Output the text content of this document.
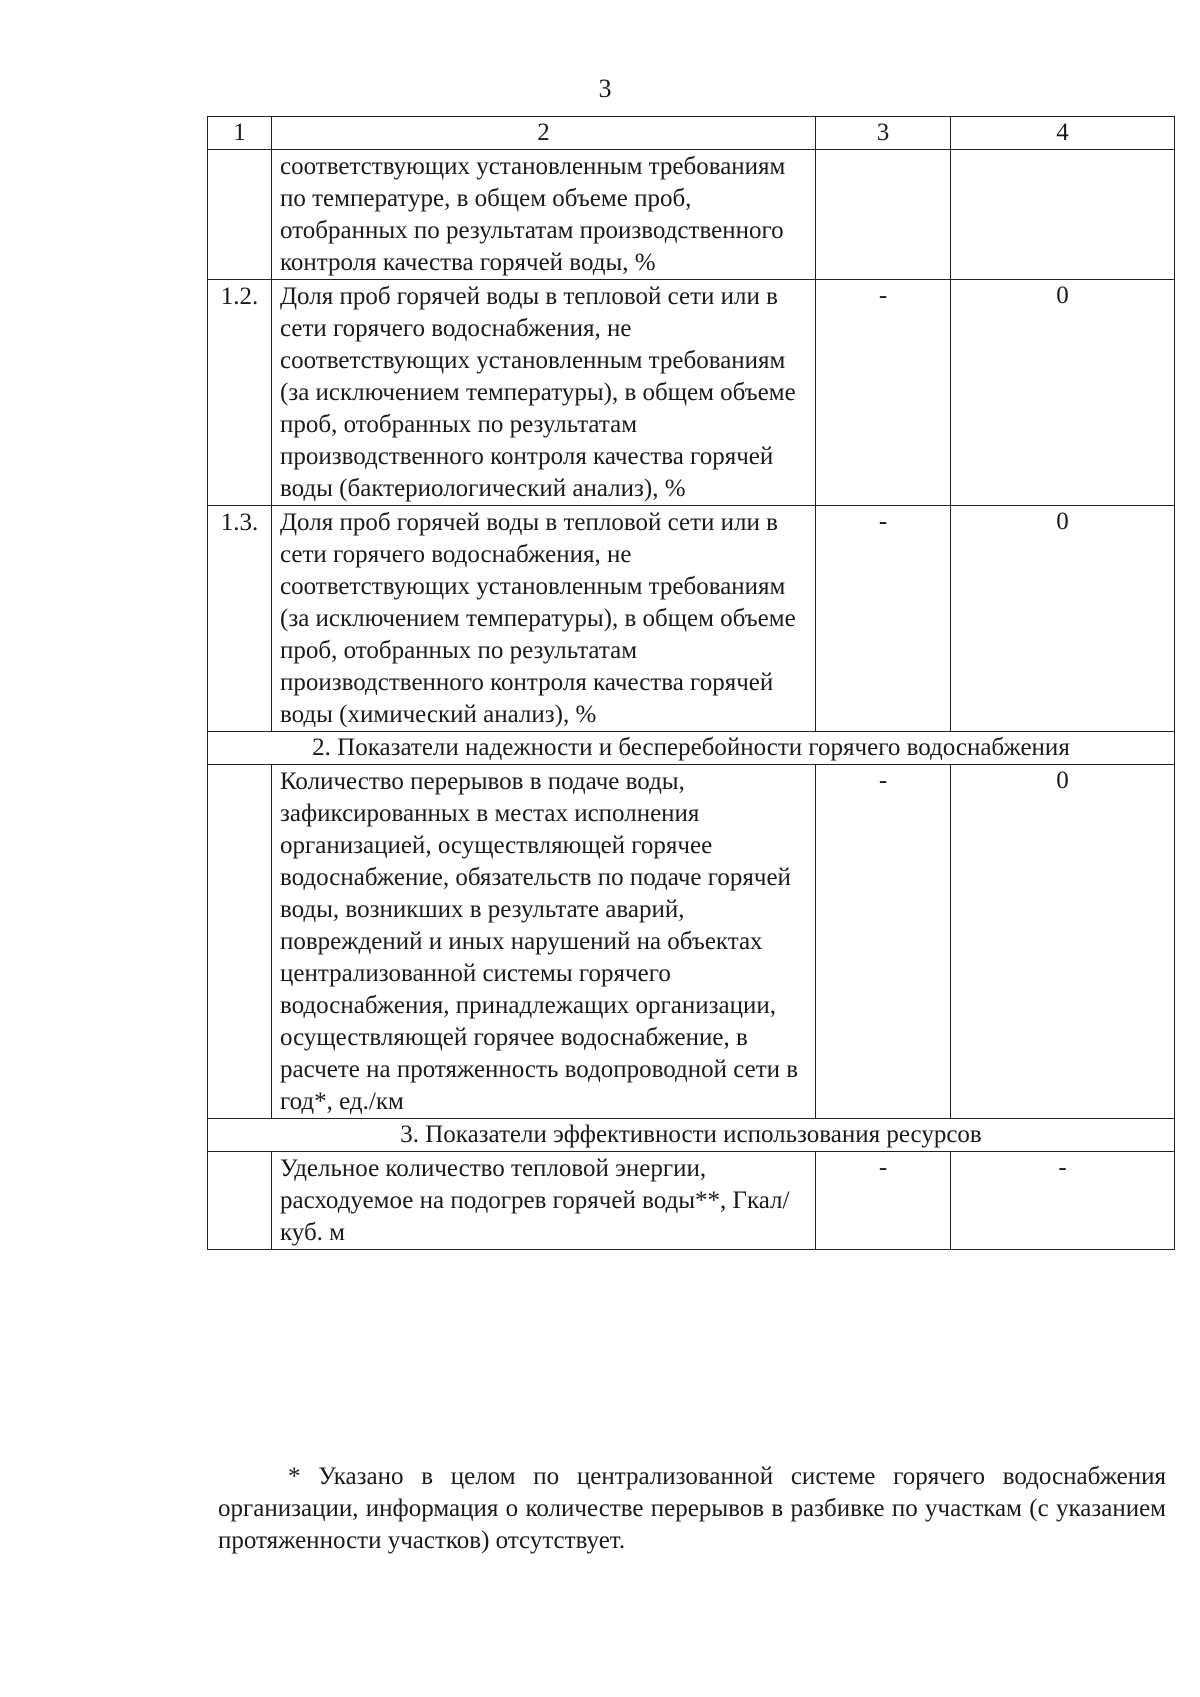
3
1	2	3	4
	соответствующих установленным требованиям по температуре, в общем объеме проб, отобранных по результатам производственного контроля качества горячей воды, %		
1.2.	Доля проб горячей воды в тепловой сети или в сети горячего водоснабжения, не соответствующих установленным требованиям (за исключением температуры), в общем объеме проб, отобранных по результатам производственного контроля качества горячей воды (бактериологический анализ), %	-	0
1.3.	Доля проб горячей воды в тепловой сети или в сети горячего водоснабжения, не соответствующих установленным требованиям (за исключением температуры), в общем объеме проб, отобранных по результатам производственного контроля качества горячей воды (химический анализ), %	-	0
2. Показатели надежности и бесперебойности горячего водоснабжения			
	Количество перерывов в подаче воды, зафиксированных в местах исполнения организацией, осуществляющей горячее водоснабжение, обязательств по подаче горячей воды, возникших в результате аварий, повреждений и иных нарушений на объектах централизованной системы горячего водоснабжения, принадлежащих организации, осуществляющей горячее водоснабжение, в расчете на протяженность водопроводной сети в год*, ед./км	-	0
3. Показатели эффективности использования ресурсов			
	Удельное количество тепловой энергии, расходуемое на подогрев горячей воды**, Гкал/ куб. м	-	-

* Указано в целом по централизованной системе горячего водоснабжения организации, информация о количестве перерывов в разбивке по участкам (с указанием протяженности участков) отсутствует.
